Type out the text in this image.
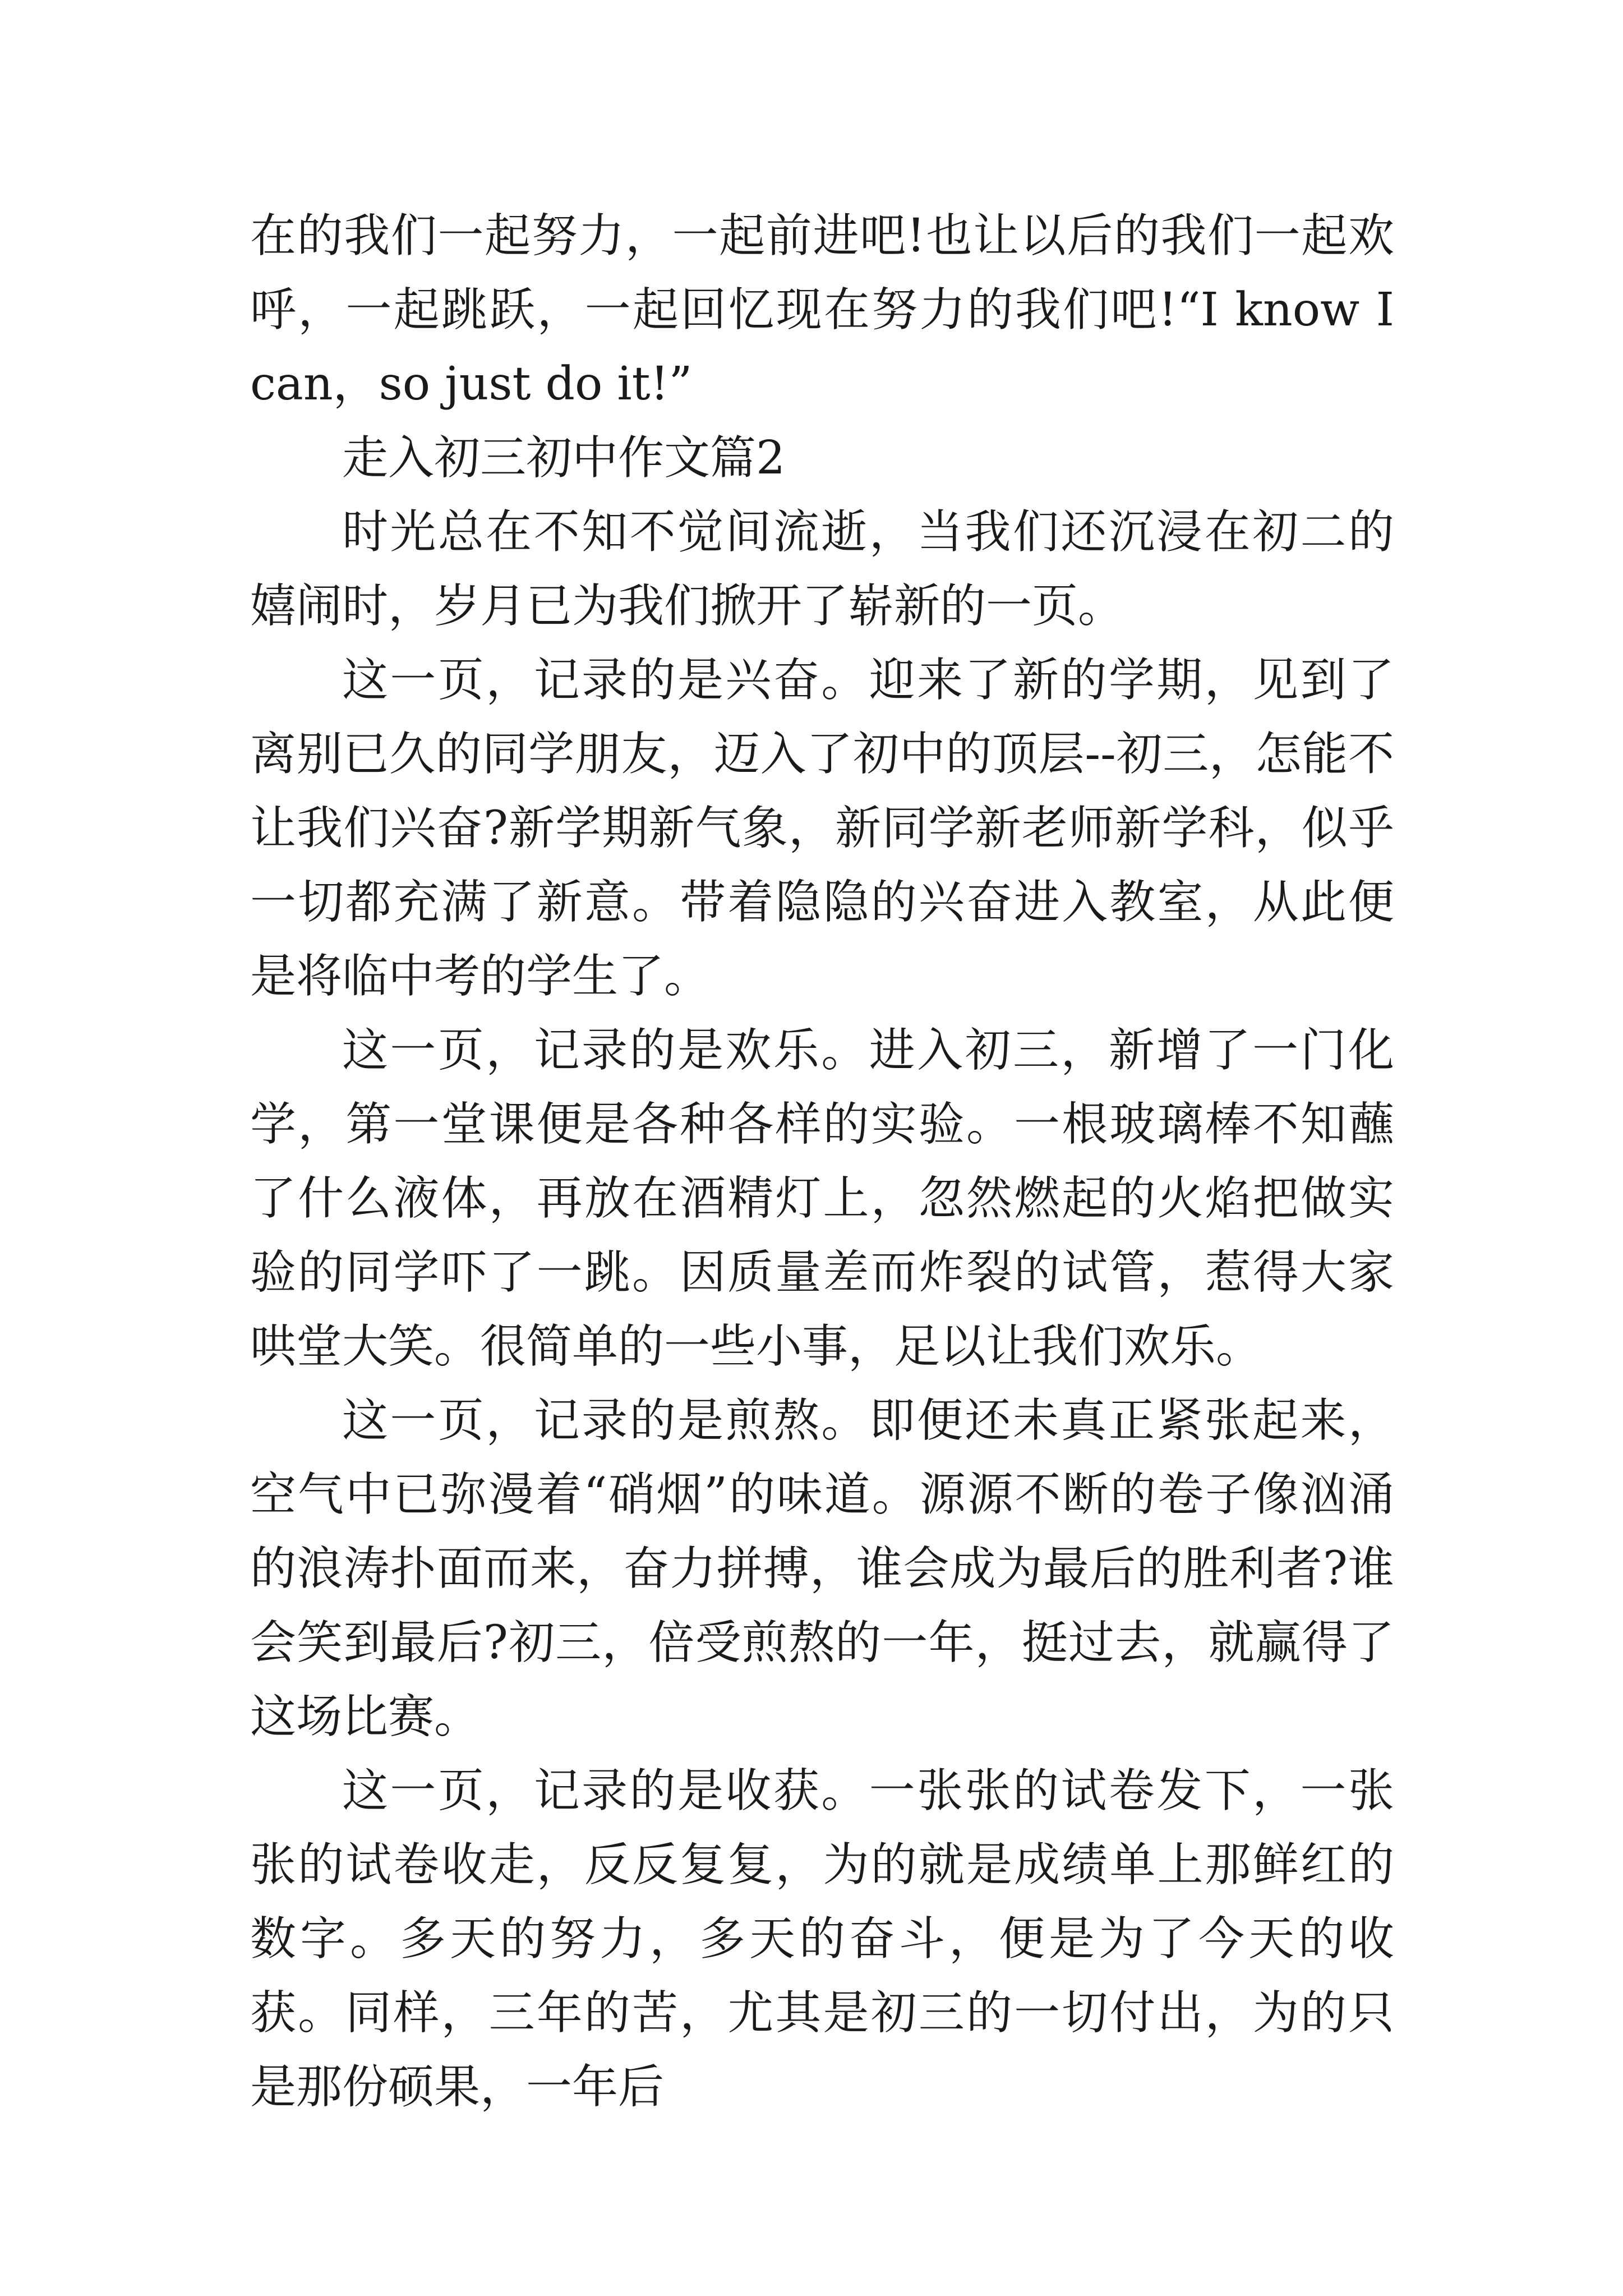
在的我们一起努力，一起前进吧!也让以后的我们一起欢呼，一起跳跃，一起回忆现在努力的我们吧!“I know I can，so just do it!”

走入初三初中作文篇2

时光总在不知不觉间流逝，当我们还沉浸在初二的嬉闹时，岁月已为我们掀开了崭新的一页。

这一页，记录的是兴奋。迎来了新的学期，见到了离别已久的同学朋友，迈入了初中的顶层--初三，怎能不让我们兴奋?新学期新气象，新同学新老师新学科，似乎一切都充满了新意。带着隐隐的兴奋进入教室，从此便是将临中考的学生了。

这一页，记录的是欢乐。进入初三，新增了一门化学，第一堂课便是各种各样的实验。一根玻璃棒不知蘸了什么液体，再放在酒精灯上，忽然燃起的火焰把做实验的同学吓了一跳。因质量差而炸裂的试管，惹得大家哄堂大笑。很简单的一些小事，足以让我们欢乐。

这一页，记录的是煎熬。即便还未真正紧张起来，空气中已弥漫着“硝烟”的味道。源源不断的卷子像汹涌的浪涛扑面而来，奋力拼搏，谁会成为最后的胜利者?谁会笑到最后?初三，倍受煎熬的一年，挺过去，就赢得了这场比赛。

这一页，记录的是收获。一张张的试卷发下，一张张的试卷收走，反反复复，为的就是成绩单上那鲜红的数字。多天的努力，多天的奋斗，便是为了今天的收获。同样，三年的苦，尤其是初三的一切付出，为的只是那份硕果，一年后
